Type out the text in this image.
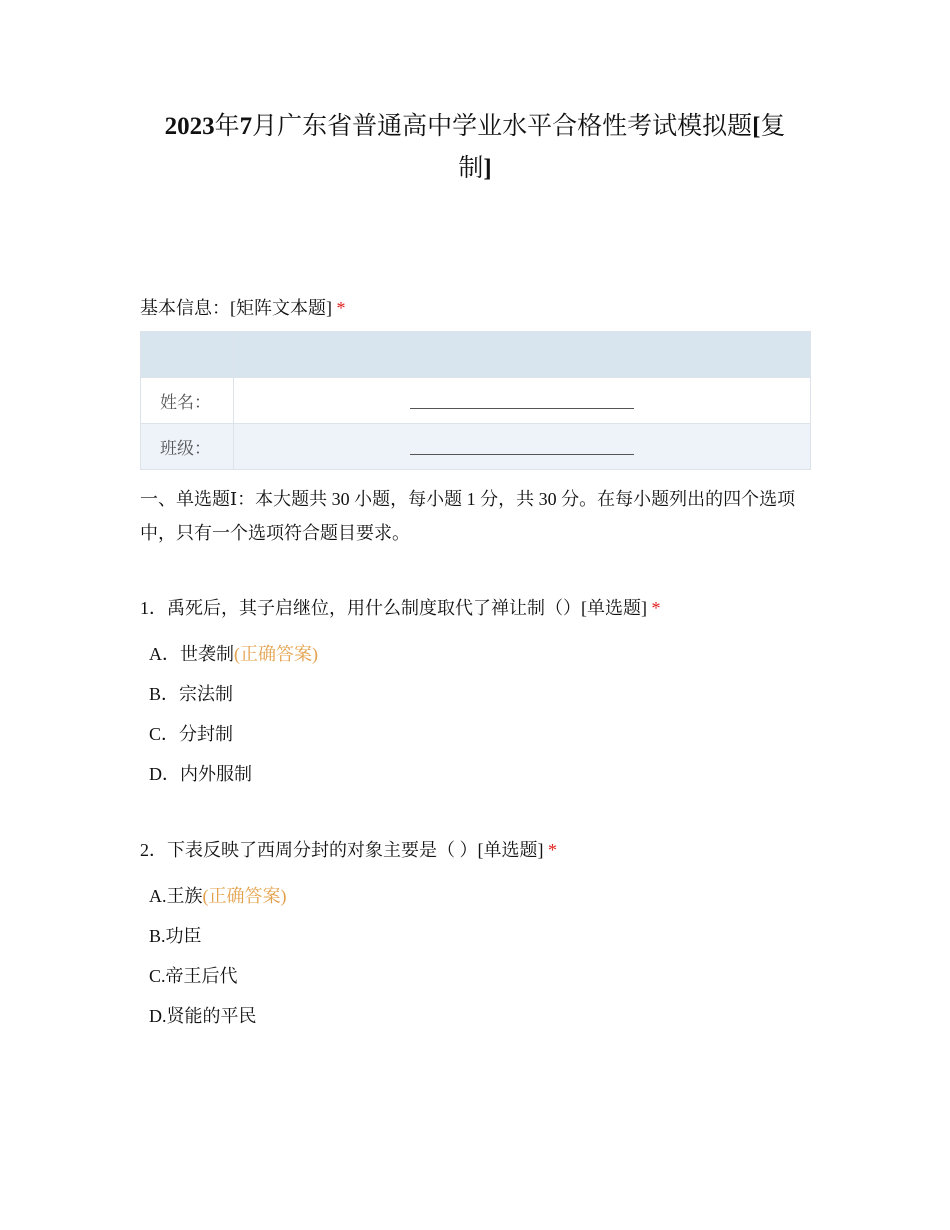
2023年7月广东省普通高中学业水平合格性考试模拟题[复制]
基本信息：[矩阵文本题] *

姓名：	
班级：	
一、单选题Ⅰ：本大题共 30 小题，每小题 1 分，共 30 分。在每小题列出的四个选项中，只有一个选项符合题目要求。
1．禹死后，其子启继位，用什么制度取代了禅让制（）[单选题] *
A．世袭制(正确答案)
B．宗法制
C．分封制
D．内外服制
2．下表反映了西周分封的对象主要是（ ）[单选题] *
A.王族(正确答案)
B.功臣
C.帝王后代
D.贤能的平民
